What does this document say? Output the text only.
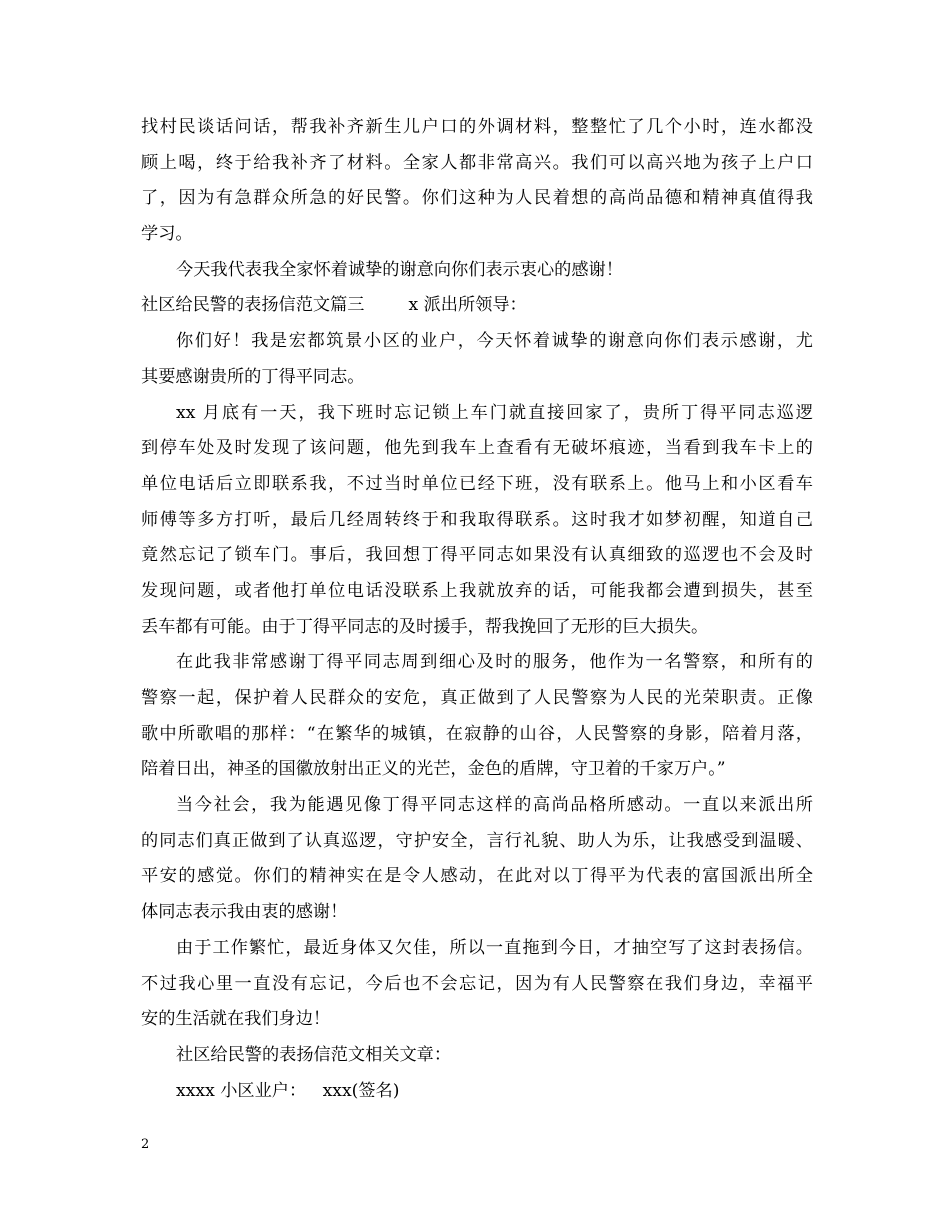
找村民谈话问话，帮我补齐新生儿户口的外调材料，整整忙了几个小时，连水都没
顾上喝，终于给我补齐了材料。全家人都非常高兴。我们可以高兴地为孩子上户口
了，因为有急群众所急的好民警。你们这种为人民着想的高尚品德和精神真值得我
学习。
今天我代表我全家怀着诚挚的谢意向你们表示衷心的感谢！
社区给民警的表扬信范文篇三	x 派出所领导：
你们好！我是宏都筑景小区的业户，今天怀着诚挚的谢意向你们表示感谢，尤
其要感谢贵所的丁得平同志。
xx 月底有一天，我下班时忘记锁上车门就直接回家了，贵所丁得平同志巡逻
到停车处及时发现了该问题，他先到我车上查看有无破坏痕迹，当看到我车卡上的
单位电话后立即联系我，不过当时单位已经下班，没有联系上。他马上和小区看车
师傅等多方打听，最后几经周转终于和我取得联系。这时我才如梦初醒，知道自己
竟然忘记了锁车门。事后，我回想丁得平同志如果没有认真细致的巡逻也不会及时
发现问题，或者他打单位电话没联系上我就放弃的话，可能我都会遭到损失，甚至
丢车都有可能。由于丁得平同志的及时援手，帮我挽回了无形的巨大损失。
在此我非常感谢丁得平同志周到细心及时的服务，他作为一名警察，和所有的
警察一起，保护着人民群众的安危，真正做到了人民警察为人民的光荣职责。正像
歌中所歌唱的那样：“在繁华的城镇，在寂静的山谷，人民警察的身影，陪着月落，
陪着日出，神圣的国徽放射出正义的光芒，金色的盾牌，守卫着的千家万户。”
当今社会，我为能遇见像丁得平同志这样的高尚品格所感动。一直以来派出所
的同志们真正做到了认真巡逻，守护安全，言行礼貌、助人为乐，让我感受到温暖、
平安的感觉。你们的精神实在是令人感动，在此对以丁得平为代表的富国派出所全
体同志表示我由衷的感谢！
由于工作繁忙，最近身体又欠佳，所以一直拖到今日，才抽空写了这封表扬信。
不过我心里一直没有忘记，今后也不会忘记，因为有人民警察在我们身边，幸福平
安的生活就在我们身边！
社区给民警的表扬信范文相关文章：
xxxx 小区业户： xxx(签名)
2
